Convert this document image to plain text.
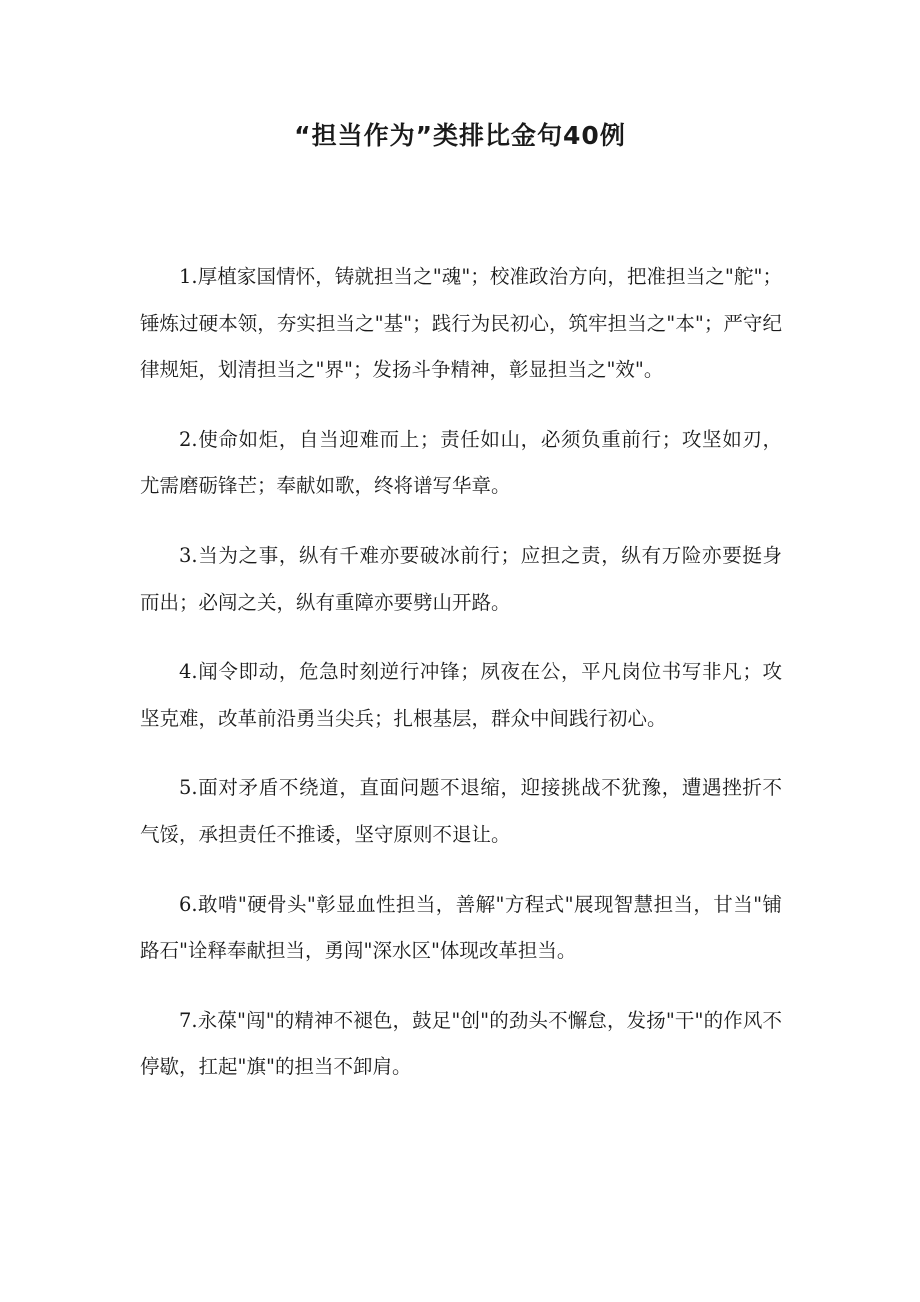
“担当作为”类排比金句40例

1.厚植家国情怀，铸就担当之"魂"；校准政治方向，把准担当之"舵"；锤炼过硬本领，夯实担当之"基"；践行为民初心，筑牢担当之"本"；严守纪律规矩，划清担当之"界"；发扬斗争精神，彰显担当之"效"。

2.使命如炬，自当迎难而上；责任如山，必须负重前行；攻坚如刃，尤需磨砺锋芒；奉献如歌，终将谱写华章。

3.当为之事，纵有千难亦要破冰前行；应担之责，纵有万险亦要挺身而出；必闯之关，纵有重障亦要劈山开路。

4.闻令即动，危急时刻逆行冲锋；夙夜在公，平凡岗位书写非凡；攻坚克难，改革前沿勇当尖兵；扎根基层，群众中间践行初心。

5.面对矛盾不绕道，直面问题不退缩，迎接挑战不犹豫，遭遇挫折不气馁，承担责任不推诿，坚守原则不退让。

6.敢啃"硬骨头"彰显血性担当，善解"方程式"展现智慧担当，甘当"铺路石"诠释奉献担当，勇闯"深水区"体现改革担当。

7.永葆"闯"的精神不褪色，鼓足"创"的劲头不懈怠，发扬"干"的作风不停歇，扛起"旗"的担当不卸肩。
